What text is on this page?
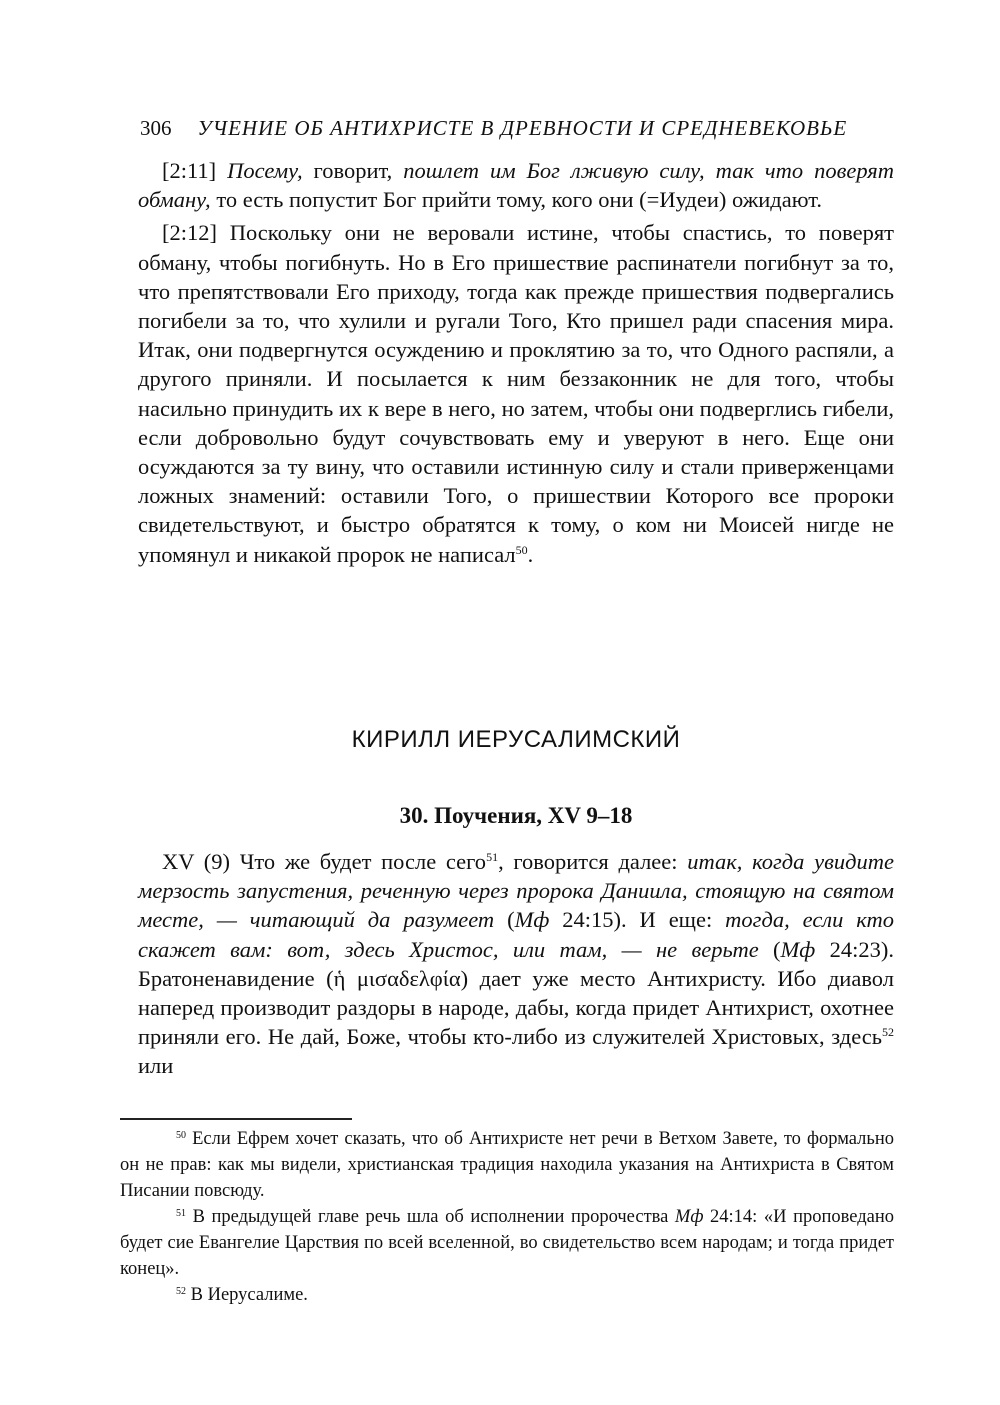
306 УЧЕНИЕ ОБ АНТИХРИСТЕ В ДРЕВНОСТИ И СРЕДНЕВЕКОВЬЕ

[2:11] Посему, говорит, пошлет им Бог лживую силу, так что поверят обману, то есть попустит Бог прийти тому, кого они (=Иудеи) ожидают.

[2:12] Поскольку они не веровали истине, чтобы спастись, то поверят обману, чтобы погибнуть. Но в Его пришествие распинатели погибнут за то, что препятствовали Его приходу, тогда как прежде пришествия подвергались погибели за то, что хулили и ругали Того, Кто пришел ради спасения мира. Итак, они подвергнутся осуждению и проклятию за то, что Одного распяли, а другого приняли. И посылается к ним беззаконник не для того, чтобы насильно принудить их к вере в него, но затем, чтобы они подверглись гибели, если добровольно будут сочувствовать ему и уверуют в него. Еще они осуждаются за ту вину, что оставили истинную силу и стали приверженцами ложных знамений: оставили Того, о пришествии Которого все пророки свидетельствуют, и быстро обратятся к тому, о ком ни Моисей нигде не упомянул и никакой пророк не написал$^{50}$.

КИРИЛЛ ИЕРУСАЛИМСКИЙ
30. Поучения, XV 9–18

XV (9) Что же будет после сего$^{51}$, говорится далее: итак, когда увидите мерзость запустения, реченную через пророка Даниила, стоящую на святом месте, — читающий да разумеет (Мф 24:15). И еще: тогда, если кто скажет вам: вот, здесь Христос, или там, — не верьте (Мф 24:23). Братоненавидение (ἡ μισαδελφία) дает уже место Антихристу. Ибо диавол наперед производит раздоры в народе, дабы, когда придет Антихрист, охотнее приняли его. Не дай, Боже, чтобы кто-либо из служителей Христовых, здесь$^{52}$ или

$^{50}$ Если Ефрем хочет сказать, что об Антихристе нет речи в Ветхом Завете, то формально он не прав: как мы видели, христианская традиция находила указания на Антихриста в Святом Писании повсюду.

$^{51}$ В предыдущей главе речь шла об исполнении пророчества Мф 24:14: «И проповедано будет сие Евангелие Царствия по всей вселенной, во свидетельство всем народам; и тогда придет конец».

$^{52}$ В Иерусалиме.
